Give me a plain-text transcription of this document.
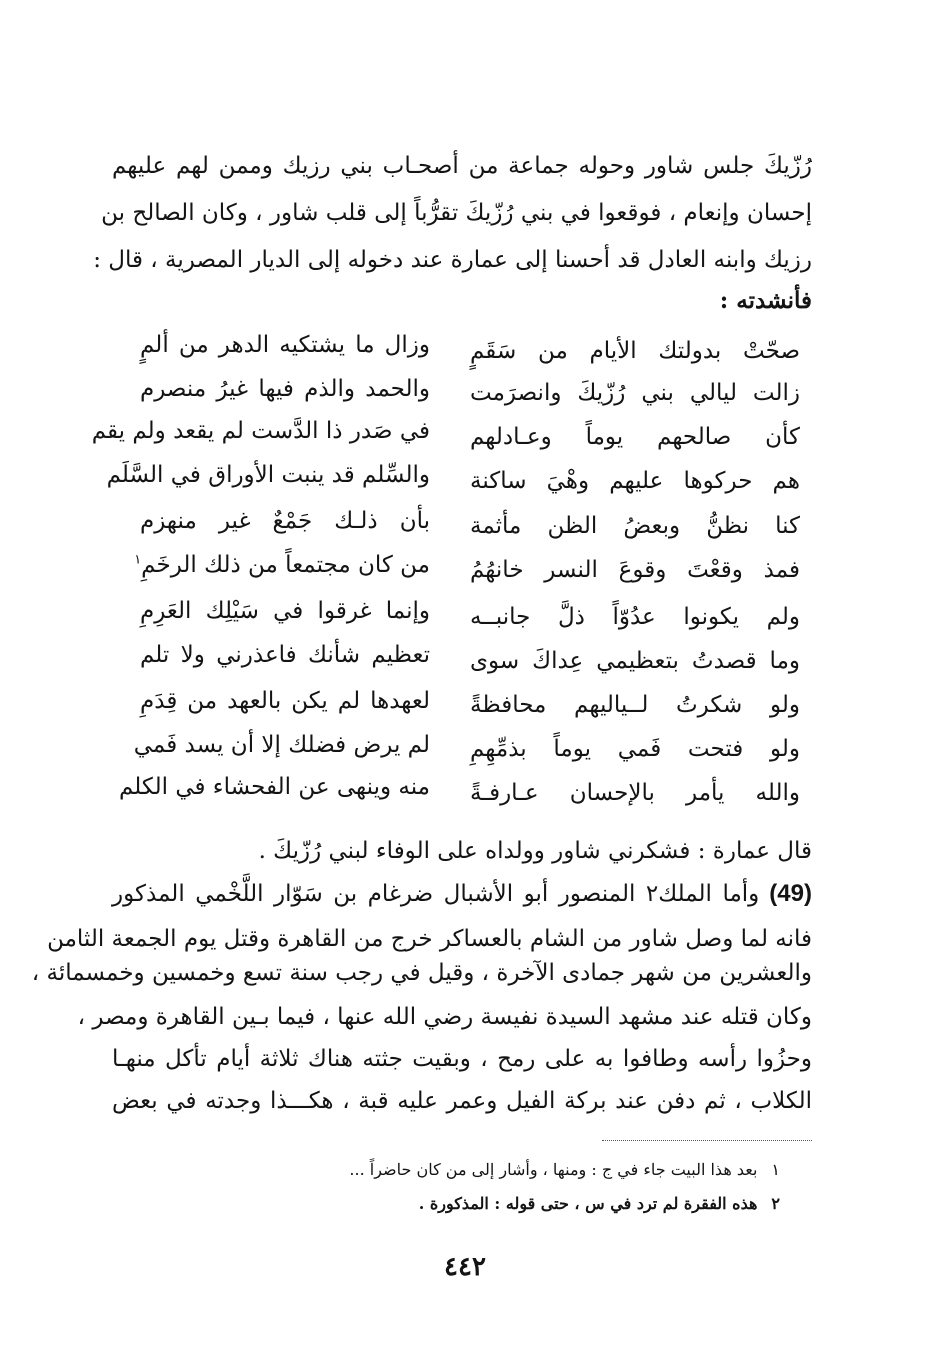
رُزّيكَ جلس شاور وحوله جماعة من أصحـاب بني رزيك وممن لهم عليهم
إحسان وإنعام ، فوقعوا في بني رُزّيكَ تقرُّباً إلى قلب شاور ، وكان الصالح بن
رزيك وابنه العادل قد أحسنا إلى عمارة عند دخوله إلى الديار المصرية ، قال :
فأنشدته :
صحّتْ بدولتك الأيام من سَقَمٍ
وزال ما يشتكيه الدهر من ألمٍ
زالت ليالي بني رُزّيكَ وانصرَمت
والحمد والذم فيها غيرُ منصرم
كأن صالحهم يوماً وعـادلهم
في صَدر ذا الدَّست لم يقعد ولم يقم
هم حركوها عليهم وهْيَ ساكنة
والسِّلم قد ينبت الأوراق في السَّلَم
كنا نظنُّ وبعضُ الظن مأثمة
بأن ذلـك جَمْعٌ غير منهزم
فمذ وقعْتَ وقوعَ النسر خانهُمُ
من كان مجتمعاً من ذلك الرخَمِ$^١$
ولم يكونوا عدُوّاً ذلَّ جانبــه
وإنما غرقوا في سَيْلِك العَرِمِ
وما قصدتُ بتعظيمي عِداكَ سوى
تعظيم شأنك فاعذرني ولا تلم
ولو شكرتُ لــياليهم محافظةً
لعهدها لم يكن بالعهد من قِدَمِ
ولو فتحت فَمي يوماً بذمِّهِمِ
لم يرض فضلك إلا أن يسد فَمي
والله يأمر بالإحسان عـارفـةً
منه وينهى عن الفحشاء في الكلم
قال عمارة : فشكرني شاور وولداه على الوفاء لبني رُزّيكَ .
(49)وأما الملك٢ المنصور أبو الأشبال ضرغام بن سَوّار اللَّخْمي المذكور
فانه لما وصل شاور من الشام بالعساكر خرج من القاهرة وقتل يوم الجمعة الثامن
والعشرين من شهر جمادى الآخرة ، وقيل في رجب سنة تسع وخمسين وخمسمائة ،
وكان قتله عند مشهد السيدة نفيسة رضي الله عنها ، فيما بـين القاهرة ومصر ،
وحزُوا رأسه وطافوا به على رمح ، وبقيت جثته هناك ثلاثة أيام تأكل منهـا
الكلاب ، ثم دفن عند بركة الفيل وعمر عليه قبة ، هكـــذا وجدته في بعض
١بعد هذا البيت جاء في ج : ومنها ، وأشار إلى من كان حاضراً ...
٢هذه الفقرة لم ترد في س ، حتى قوله : المذكورة .
٤٤٢
